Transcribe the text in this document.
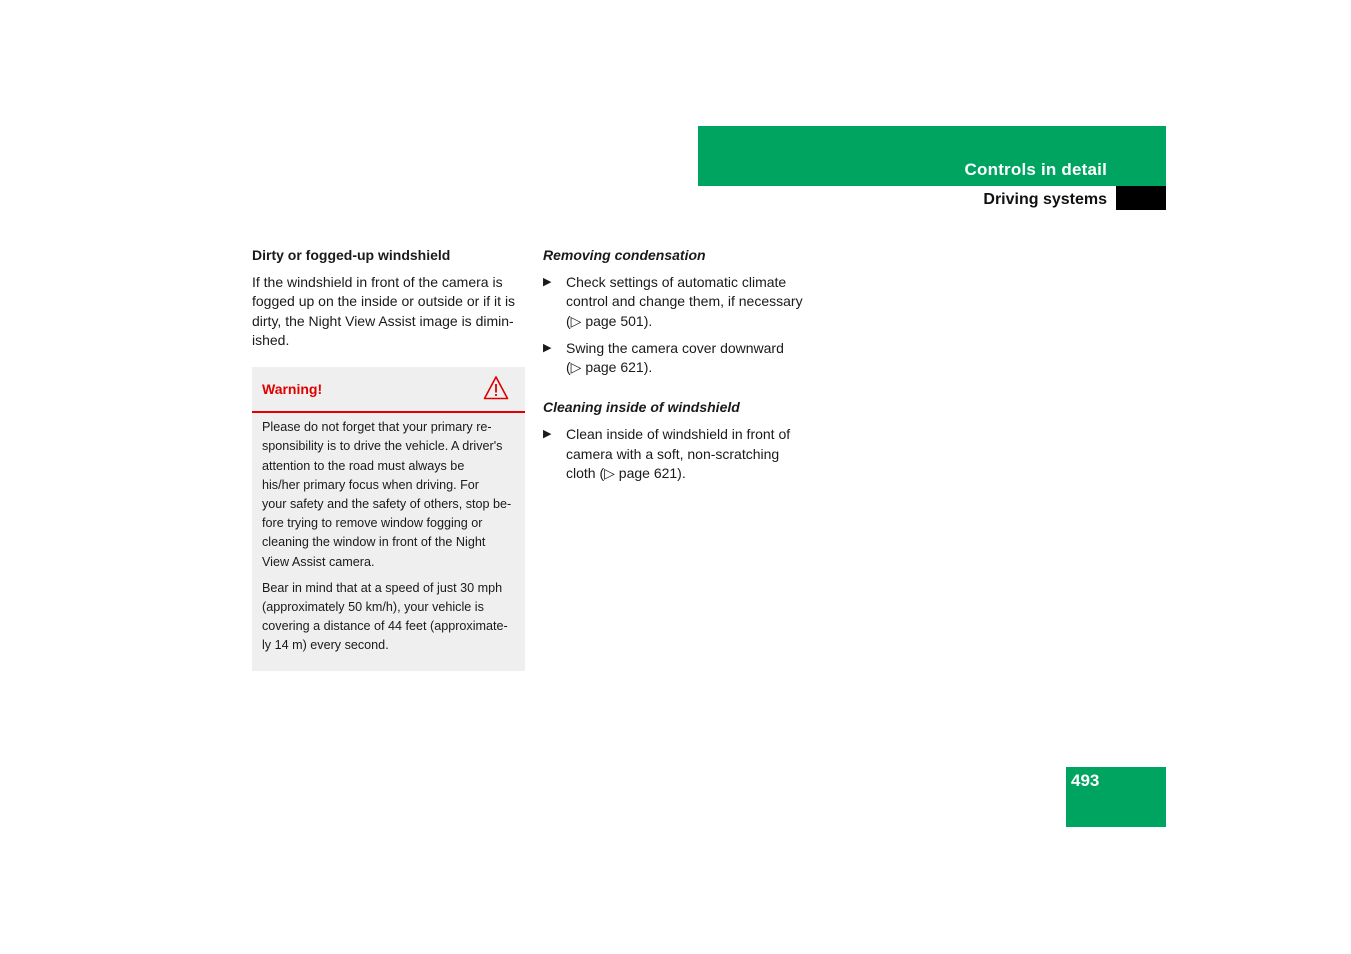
Controls in detail
Driving systems
Dirty or fogged-up windshield

If the windshield in front of the camera is
fogged up on the inside or outside or if it is
dirty, the Night View Assist image is dimin-
ished.

Warning!

Please do not forget that your primary re-
sponsibility is to drive the vehicle. A driver's
attention to the road must always be
his/her primary focus when driving. For
your safety and the safety of others, stop be-
fore trying to remove window fogging or
cleaning the window in front of the Night
View Assist camera.

Bear in mind that at a speed of just 30 mph
(approximately 50 km/h), your vehicle is
covering a distance of 44 feet (approximate-
ly 14 m) every second.

Removing condensation
▶ Check settings of automatic climate
control and change them, if necessary
(▷ page 501).
▶ Swing the camera cover downward
(▷ page 621).
Cleaning inside of windshield
▶ Clean inside of windshield in front of
camera with a soft, non-scratching
cloth (▷ page 621).
493
